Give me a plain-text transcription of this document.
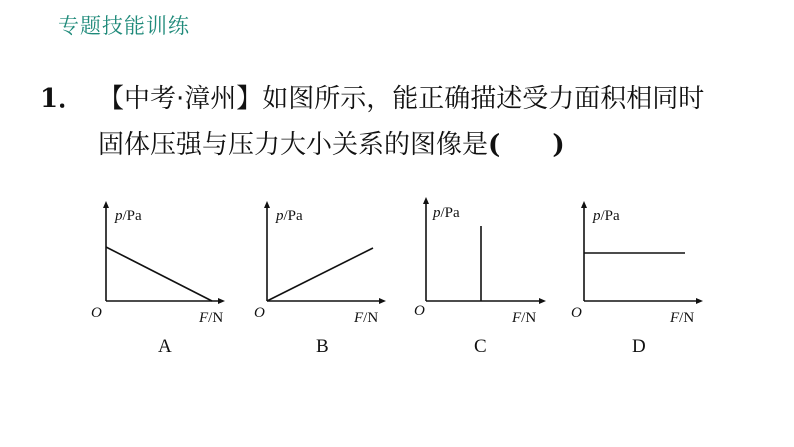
专题技能训练
1． 【中考·漳州】如图所示，能正确描述受力面积相同时
固体压强与压力大小关系的图像是(　　)
p/Pa
F/N
O
A
p/Pa
F/N
O
B
p/Pa
F/N
O
C
p/Pa
F/N
O
D
